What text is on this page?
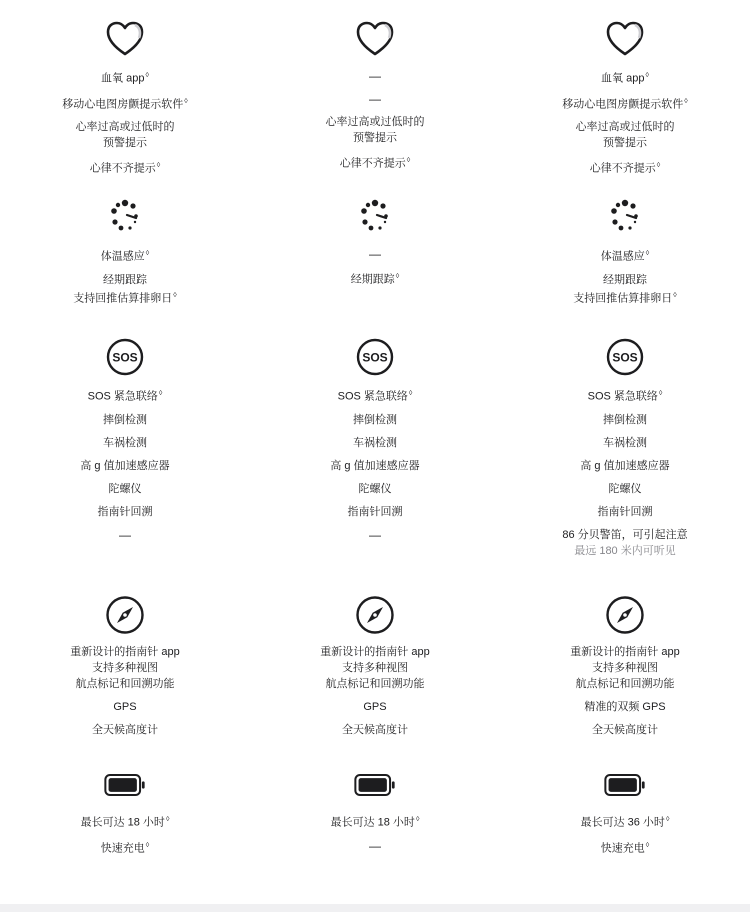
血氧 app◊
移动心电图房颤提示软件◊
心率过高或过低时的
预警提示
心律不齐提示◊
—
—
心率过高或过低时的
预警提示
心律不齐提示◊
血氧 app◊
移动心电图房颤提示软件◊
心率过高或过低时的
预警提示
心律不齐提示◊
体温感应◊
经期跟踪
支持回推估算排卵日◊
—
经期跟踪◊
体温感应◊
经期跟踪
支持回推估算排卵日◊
SOS
SOS 紧急联络◊
摔倒检测
车祸检测
高 g 值加速感应器
陀螺仪
指南针回溯
—
SOS
SOS 紧急联络◊
摔倒检测
车祸检测
高 g 值加速感应器
陀螺仪
指南针回溯
—
SOS
SOS 紧急联络◊
摔倒检测
车祸检测
高 g 值加速感应器
陀螺仪
指南针回溯
86 分贝警笛，可引起注意
最远 180 米内可听见
重新设计的指南针 app
支持多种视图
航点标记和回溯功能
GPS
全天候高度计
重新设计的指南针 app
支持多种视图
航点标记和回溯功能
GPS
全天候高度计
重新设计的指南针 app
支持多种视图
航点标记和回溯功能
精准的双频 GPS
全天候高度计
最长可达 18 小时◊
快速充电◊
最长可达 18 小时◊
—
最长可达 36 小时◊
快速充电◊
